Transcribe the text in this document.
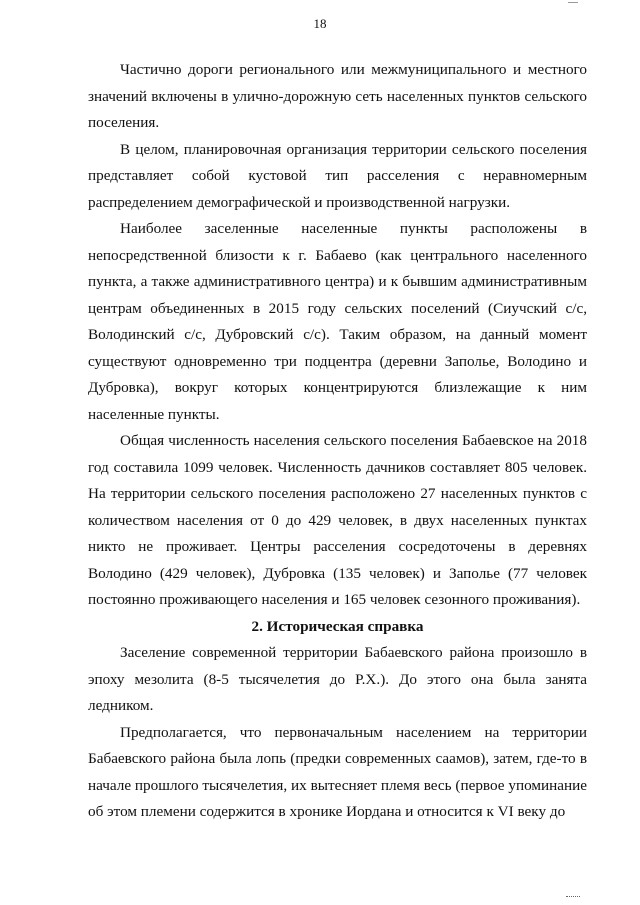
18

Частично дороги регионального или межмуниципального и местного значений включены в улично-дорожную сеть населенных пунктов сельского поселения.

В целом, планировочная организация территории сельского поселения представляет собой кустовой тип расселения с неравномерным распределением демографической и производственной нагрузки.

Наиболее заселенные населенные пункты расположены в непосредственной близости к г. Бабаево (как центрального населенного пункта, а также административного центра) и к бывшим административным центрам объединенных в 2015 году сельских поселений (Сиучский с/с, Володинский с/с, Дубровский с/с). Таким образом, на данный момент существуют одновременно три подцентра (деревни Заполье, Володино и Дубровка), вокруг которых концентрируются близлежащие к ним населенные пункты.

Общая численность населения сельского поселения Бабаевское на 2018 год составила 1099 человек. Численность дачников составляет 805 человек. На территории сельского поселения расположено 27 населенных пунктов с количеством населения от 0 до 429 человек, в двух населенных пунктах никто не проживает. Центры расселения сосредоточены в деревнях Володино (429 человек), Дубровка (135 человек) и Заполье (77 человек постоянно проживающего населения и 165 человек сезонного проживания).

2. Историческая справка

Заселение современной территории Бабаевского района произошло в эпоху мезолита (8-5 тысячелетия до Р.Х.). До этого она была занята ледником.

Предполагается, что первоначальным населением на территории Бабаевского района была лопь (предки современных саамов), затем, где-то в начале прошлого тысячелетия, их вытесняет племя весь (первое упоминание об этом племени содержится в хронике Иордана и относится к VI веку до
